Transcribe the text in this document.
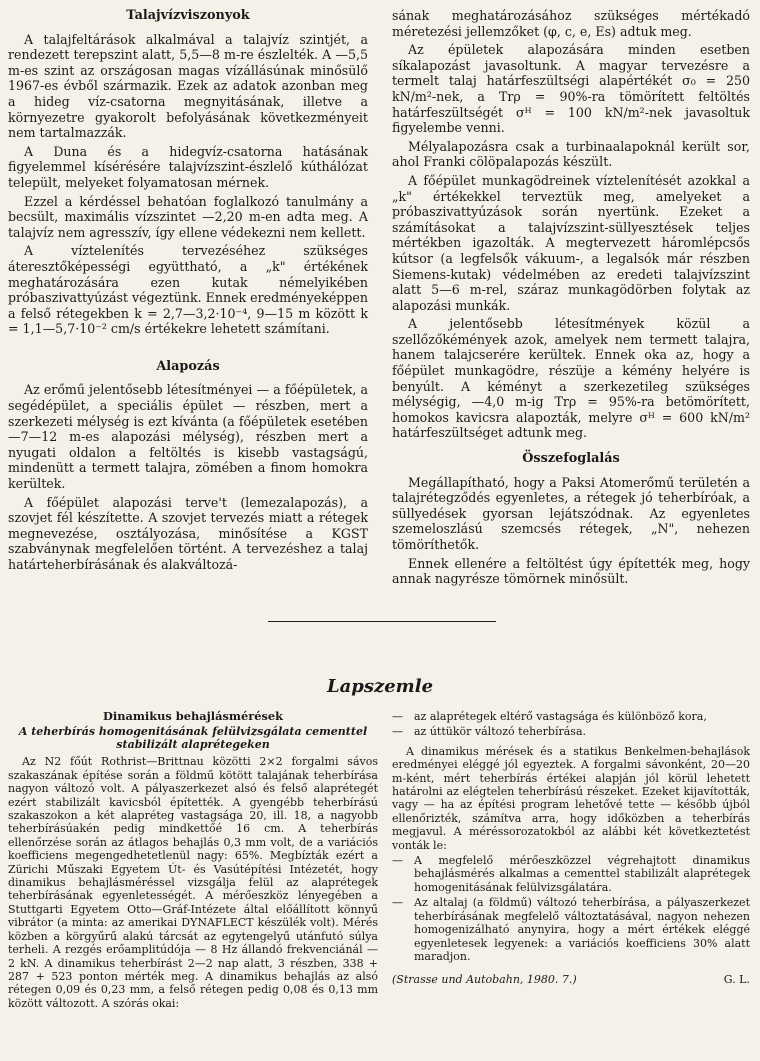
Talajvízviszonyok

A talajfeltárások alkalmával a talajvíz szintjét, a rendezett terepszint alatt, 5,5—8 m-re észlelték. A —5,5 m-es szint az országosan magas vízállásúnak minősülő 1967-es évből származik. Ezek az adatok azonban meg a hideg víz-csatorna megnyitásának, illetve a környezetre gyakorolt befolyásának következményeit nem tartalmazzák.

A Duna és a hidegvíz-csatorna hatásának figyelemmel kísérésére talajvízszint-észlelő kúthálózat települt, melyeket folyamatosan mérnek.

Ezzel a kérdéssel behatóan foglalkozó tanulmány a becsült, maximális vízszintet —2,20 m-en adta meg. A talajvíz nem agresszív, így ellene védekezni nem kellett.

A víztelenítés tervezéséhez szükséges áteresztőképességi együttható, a „k" értékének meghatározására ezen kutak némelyikében próbaszivattyúzást végeztünk. Ennek eredményeképpen a felső rétegekben k = 2,7—3,2·10⁻⁴, 9—15 m között k = 1,1—5,7·10⁻² cm/s értékekre lehetett számítani.

Alapozás

Az erőmű jelentősebb létesítményei — a főépületek, a segédépület, a speciális épület — részben, mert a szerkezeti mélység is ezt kívánta (a főépületek esetében —7—12 m-es alapozási mélység), részben mert a nyugati oldalon a feltöltés is kisebb vastagságú, mindenütt a termett talajra, zömében a finom homokra kerültek.

A főépület alapozási terve't (lemezalapozás), a szovjet fél készítette. A szovjet tervezés miatt a rétegek megnevezése, osztályozása, minősítése a KGST szabványnak megfelelően történt. A tervezéshez a talaj határteherbírásának és alakváltozá-

sának meghatározásához szükséges mértékadó méretezési jellemzőket (φ, c, e, Es) adtuk meg.

Az épületek alapozására minden esetben síkalapozást javasoltunk. A magyar tervezésre a termelt talaj határfeszültségi alapértékét σ₀ = 250 kN/m²-nek, a Trρ = 90%-ra tömörített feltöltés határfeszültségét σᴴ = 100 kN/m²-nek javasoltuk figyelembe venni.

Mélyalapozásra csak a turbinaalapoknál került sor, ahol Franki cölöpalapozás készült.

A főépület munkagödreinek víztelenítését azokkal a „k" értékekkel terveztük meg, amelyeket a próbaszivattyúzások során nyertünk. Ezeket a számításokat a talajvízszint-süllyesztések teljes mértékben igazolták. A megtervezett háromlépcsős kútsor (a legfelsők vákuum-, a legalsók már részben Siemens-kutak) védelmében az eredeti talajvízszint alatt 5—6 m-rel, száraz munkagödörben folytak az alapozási munkák.

A jelentősebb létesítmények közül a szellőzőkémények azok, amelyek nem termett talajra, hanem talajcserére kerültek. Ennek oka az, hogy a főépület munkagödre, részüje a kémény helyére is benyúlt. A kéményt a szerkezetileg szükséges mélységig, —4,0 m-ig Trρ = 95%-ra betömörített, homokos kavicsra alapozták, melyre σᴴ = 600 kN/m² határfeszültséget adtunk meg.

Összefoglalás

Megállapítható, hogy a Paksi Atomerőmű területén a talajrétegződés egyenletes, a rétegek jó teherbíróak, a süllyedések gyorsan lejátszódnak. Az egyenletes szemeloszlású szemcsés rétegek, „N", nehezen tömöríthetők.

Ennek ellenére a feltöltést úgy építették meg, hogy annak nagyrésze tömörnek minősült.

Lapszemle
Dinamikus behajlásmérések
A teherbírás homogenitásának felülvizsgálata cementtel stabilizált alaprétegeken

Az N2 főút Rothrist—Brittnau közötti 2×2 forgalmi sávos szakaszának építése során a földmű kötött talajának teherbírása nagyon változó volt. A pályaszerkezet alsó és felső alaprétegét ezért stabilizált kavicsból építették. A gyengébb teherbírású szakaszokon a két alapréteg vastagsága 20, ill. 18, a nagyobb teherbírásúakén pedig mindkettőé 16 cm. A teherbírás ellenőrzése során az átlagos behajlás 0,3 mm volt, de a variációs koefficiens megengedhetetlenül nagy: 65%. Megbízták ezért a Zürichi Műszaki Egyetem Út- és Vasútépítési Intézetét, hogy dinamikus behajlásméréssel vizsgálja felül az alaprétegek teherbírásának egyenletességét. A mérőeszköz lényegében a Stuttgarti Egyetem Otto—Gráf-Intézete által előállított könnyű vibrátor (a minta: az amerikai DYNAFLECT készülék volt). Mérés közben a körgyűrű alakú tárcsát az egytengelyű utánfutó súlya terheli. A rezgés erőamplitúdója — 8 Hz állandó frekvenciánál — 2 kN. A dinamikus teherbírást 2—2 nap alatt, 3 részben, 338 + 287 + 523 ponton mérték meg. A dinamikus behajlás az alsó rétegen 0,09 és 0,23 mm, a felső rétegen pedig 0,08 és 0,13 mm között változott. A szórás okai:

—	az alaprétegek eltérő vastagsága és különböző kora,
—	az úttükör változó teherbírása.

A dinamikus mérések és a statikus Benkelmen-behajlások eredményei eléggé jól egyeztek. A forgalmi sávonként, 20—20 m-ként, mért teherbírás értékei alapján jól körül lehetett határolni az elégtelen teherbírású részeket. Ezeket kijavították, vagy — ha az építési program lehetővé tette — később újból ellenőrizték, számítva arra, hogy időközben a teherbírás megjavul. A méréssorozatokból az alábbi két következtetést vonták le:

—	A megfelelő mérőeszközzel végrehajtott dinamikus behajlásmérés alkalmas a cementtel stabilizált alaprétegek homogenitásának felülvizsgálatára.
—	Az altalaj (a földmű) változó teherbírása, a pályaszerkezet teherbírásának megfelelő változtatásával, nagyon nehezen homogenizálható anynyira, hogy a mért értékek eléggé egyenletesek legyenek: a variációs koefficiens 30% alatt maradjon.
(Strasse und Autobahn, 1980. 7.)	G. L.
